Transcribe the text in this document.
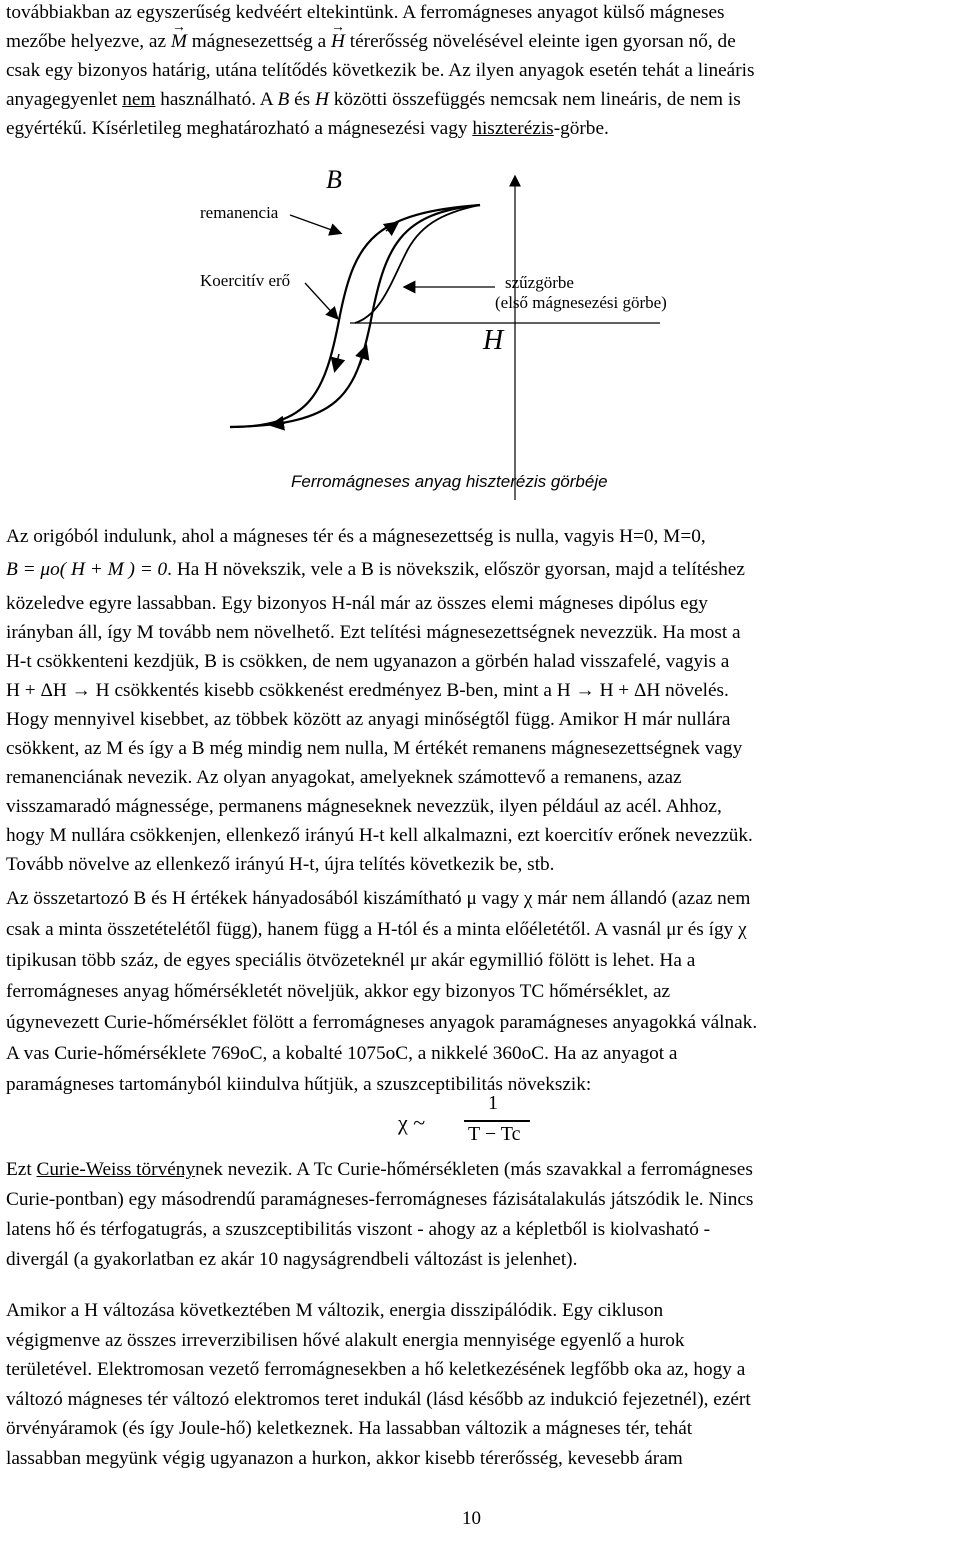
továbbiakban az egyszerűség kedvéért eltekintünk. A ferromágneses anyagot külső mágneses

mezőbe helyezve, az → M mágnesezettség a → H térerősség növelésével eleinte igen gyorsan nő, de

csak egy bizonyos határig, utána telítődés következik be. Az ilyen anyagok esetén tehát a lineáris

anyagegyenlet nem használható. A B és H közötti összefüggés nemcsak nem lineáris, de nem is

egyértékű. Kísérletileg meghatározható a mágnesezési vagy hiszterézis-görbe.

B
H
remanencia
Koercitív erő	szűzgörbe
(első mágnesezési görbe)
Ferromágneses anyag hiszterézis görbéje

Az origóból indulunk, ahol a mágneses tér és a mágnesezettség is nulla, vagyis H=0, M=0,

B = μo( H + M ) = 0. Ha H növekszik, vele a B is növekszik, először gyorsan, majd a telítéshez

közeledve egyre lassabban. Egy bizonyos H-nál már az összes elemi mágneses dipólus egy

irányban áll, így M tovább nem növelhető. Ezt telítési mágnesezettségnek nevezzük. Ha most a

H-t csökkenteni kezdjük, B is csökken, de nem ugyanazon a görbén halad visszafelé, vagyis a

H + ΔH → H csökkentés kisebb csökkenést eredményez B-ben, mint a H → H + ΔH növelés.

Hogy mennyivel kisebbet, az többek között az anyagi minőségtől függ. Amikor H már nullára

csökkent, az M és így a B még mindig nem nulla, M értékét remanens mágnesezettségnek vagy

remanenciának nevezik. Az olyan anyagokat, amelyeknek számottevő a remanens, azaz

visszamaradó mágnessége, permanens mágneseknek nevezzük, ilyen például az acél. Ahhoz,

hogy M nullára csökkenjen, ellenkező irányú H-t kell alkalmazni, ezt koercitív erőnek nevezzük.

Tovább növelve az ellenkező irányú H-t, újra telítés következik be, stb.

Az összetartozó B és H értékek hányadosából kiszámítható μ vagy χ már nem állandó (azaz nem

csak a minta összetételétől függ), hanem függ a H-tól és a minta előéletétől. A vasnál μr és így χ

tipikusan több száz, de egyes speciális ötvözeteknél μr akár egymillió fölött is lehet. Ha a

ferromágneses anyag hőmérsékletét növeljük, akkor egy bizonyos TC hőmérséklet, az

úgynevezett Curie-hőmérséklet fölött a ferromágneses anyagok paramágneses anyagokká válnak.

A vas Curie-hőmérséklete 769oC, a kobalté 1075oC, a nikkelé 360oC. Ha az anyagot a

paramágneses tartományból kiindulva hűtjük, a szuszceptibilitás növekszik:

χ ~
1
T − Tc

Ezt Curie-Weiss törvénynek nevezik. A Tc Curie-hőmérsékleten (más szavakkal a ferromágneses

Curie-pontban) egy másodrendű paramágneses-ferromágneses fázisátalakulás játszódik le. Nincs

latens hő és térfogatugrás, a szuszceptibilitás viszont - ahogy az a képletből is kiolvasható -

divergál (a gyakorlatban ez akár 10 nagyságrendbeli változást is jelenhet).

Amikor a H változása következtében M változik, energia disszipálódik. Egy cikluson

végigmenve az összes irreverzibilisen hővé alakult energia mennyisége egyenlő a hurok

területével. Elektromosan vezető ferromágnesekben a hő keletkezésének legfőbb oka az, hogy a

változó mágneses tér változó elektromos teret indukál (lásd később az indukció fejezetnél), ezért

örvényáramok (és így Joule-hő) keletkeznek. Ha lassabban változik a mágneses tér, tehát

lassabban megyünk végig ugyanazon a hurkon, akkor kisebb térerősség, kevesebb áram

10
